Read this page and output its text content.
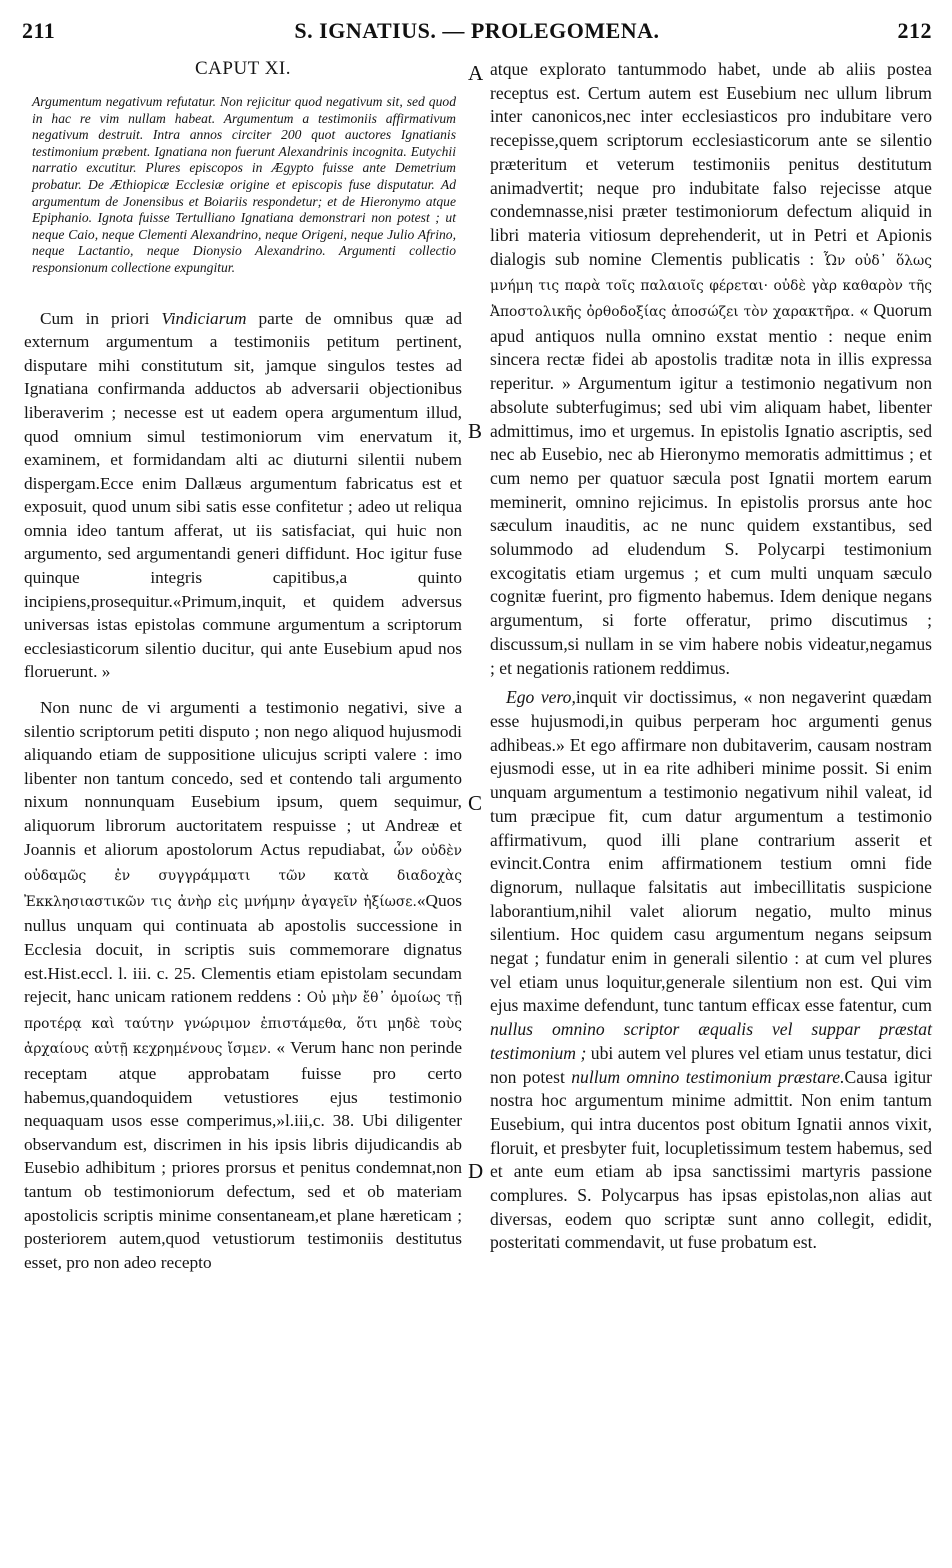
211	S. IGNATIUS. — PROLEGOMENA.	212
CAPUT XI.
Argumentum negativum refutatur. Non rejicitur quod negativum sit, sed quod in hac re vim nullam habeat. Argumentum a testimoniis affirmativum negativum destruit. Intra annos circiter 200 quot auctores Ignatianis testimonium præbent. Ignatiana non fuerunt Alexandrinis incognita. Eutychii narratio excutitur. Plures episcopos in Ægypto fuisse ante Demetrium probatur. De Æthiopicæ Ecclesiæ origine et episcopis fuse disputatur. Ad argumentum de Jonensibus et Boiariis respondetur; et de Hieronymo atque Epiphanio. Ignota fuisse Tertulliano Ignatiana demonstrari non potest ; ut neque Caio, neque Clementi Alexandrino, neque Origeni, neque Julio Afrino, neque Lactantio, neque Dionysio Alexandrino. Argumenti collectio responsionum collectione expungitur.

Cum in priori Vindiciarum parte de omnibus quæ ad externum argumentum a testimoniis petitum pertinent, disputare mihi constitutum sit, jamque singulos testes ad Ignatiana confirmanda adductos ab adversarii objectionibus liberaverim ; necesse est ut eadem opera argumentum illud, quod omnium simul testimoniorum vim enervatum it, examinem, et formidandam alti ac diuturni silentii nubem dispergam.Ecce enim Dallæus argumentum fabricatus est et exposuit, quod unum sibi satis esse confitetur ; adeo ut reliqua omnia ideo tantum afferat, ut iis satisfaciat, qui huic non argumento, sed argumentandi generi diffidunt. Hoc igitur fuse quinque integris capitibus,a quinto incipiens,prosequitur.«Primum,inquit, et quidem adversus universas istas epistolas commune argumentum a scriptorum ecclesiasticorum silentio ducitur, qui ante Eusebium apud nos floruerunt. »

Non nunc de vi argumenti a testimonio negativi, sive a silentio scriptorum petiti disputo ; non nego aliquod hujusmodi aliquando etiam de suppositione ulicujus scripti valere : imo libenter non tantum concedo, sed et contendo tali argumento nixum nonnunquam Eusebium ipsum, quem sequimur, aliquorum librorum auctoritatem respuisse ; ut Andreæ et Joannis et aliorum apostolorum Actus repudiabat, ὧν οὐδὲν οὐδαμῶς ἐν συγγράμματι τῶν κατὰ διαδοχὰς Ἐκκλησιαστικῶν τις ἀνὴρ εἰς μνήμην ἀγαγεῖν ἠξίωσε.«Quos nullus unquam qui continuata ab apostolis successione in Ecclesia docuit, in scriptis suis commemorare dignatus est.Hist.eccl. l. iii. c. 25. Clementis etiam epistolam secundam rejecit, hanc unicam rationem reddens : Οὐ μὴν ἔθ᾽ ὁμοίως τῇ προτέρᾳ καὶ ταύτην γνώριμον ἐπιστάμεθα, ὅτι μηδὲ τοὺς ἀρχαίους αὐτῇ κεχρημένους ἴσμεν. « Verum hanc non perinde receptam atque approbatam fuisse pro certo habemus,quandoquidem vetustiores ejus testimonio nequaquam usos esse comperimus,»l.iii,c. 38. Ubi diligenter observandum est, discrimen in his ipsis libris dijudicandis ab Eusebio adhibitum ; priores prorsus et penitus condemnat,non tantum ob testimoniorum defectum, sed et ob materiam apostolicis scriptis minime consentaneam,et plane hæreticam ; posteriorem autem,quod vetustiorum testimoniis destitutus esset, pro non adeo recepto

atque explorato tantummodo habet, unde ab aliis postea receptus est. Certum autem est Eusebium nec ullum librum inter canonicos,nec inter ecclesiasticos pro indubitare vero recepisse,quem scriptorum ecclesiasticorum ante se silentio præteritum et veterum testimoniis penitus destitutum animadvertit; neque pro indubitate falso rejecisse atque condemnasse,nisi præter testimoniorum defectum aliquid in libri materia vitiosum deprehenderit, ut in Petri et Apionis dialogis sub nomine Clementis publicatis : Ὧν οὐδ᾽ ὅλως μνήμη τις παρὰ τοῖς παλαιοῖς φέρεται· οὐδὲ γὰρ καθαρὸν τῆς Ἀποστολικῆς ὀρθοδοξίας ἀποσώζει τὸν χαρακτῆρα. « Quorum apud antiquos nulla omnino exstat mentio : neque enim sincera rectæ fidei ab apostolis traditæ nota in illis expressa reperitur. » Argumentum igitur a testimonio negativum non absolute subterfugimus; sed ubi vim aliquam habet, libenter admittimus, imo et urgemus. In epistolis Ignatio ascriptis, sed nec ab Eusebio, nec ab Hieronymo memoratis admittimus ; et cum nemo per quatuor sæcula post Ignatii mortem earum meminerit, omnino rejicimus. In epistolis prorsus ante hoc sæculum inauditis, ac ne nunc quidem exstantibus, sed solummodo ad eludendum S. Polycarpi testimonium excogitatis etiam urgemus ; et cum multi unquam sæculo cognitæ fuerint, pro figmento habemus. Idem denique negans argumentum, si forte offeratur, primo discutimus ; discussum,si nullam in se vim habere nobis videatur,negamus ; et negationis rationem reddimus.

Ego vero,inquit vir doctissimus, « non negaverint quædam esse hujusmodi,in quibus perperam hoc argumenti genus adhibeas.» Et ego affirmare non dubitaverim, causam nostram ejusmodi esse, ut in ea rite adhiberi minime possit. Si enim unquam argumentum a testimonio negativum nihil valeat, id tum præcipue fit, cum datur argumentum a testimonio affirmativum, quod illi plane contrarium asserit et evincit.Contra enim affirmationem testium omni fide dignorum, nullaque falsitatis aut imbecillitatis suspicione laborantium,nihil valet aliorum negatio, multo minus silentium. Hoc quidem casu argumentum negans seipsum negat ; fundatur enim in generali silentio : at cum vel plures vel etiam unus loquitur,generale silentium non est. Qui vim ejus maxime defendunt, tunc tantum efficax esse fatentur, cum nullus omnino scriptor æqualis vel suppar præstat testimonium ; ubi autem vel plures vel etiam unus testatur, dici non potest nullum omnino testimonium præstare.Causa igitur nostra hoc argumentum minime admittit. Non enim tantum Eusebium, qui intra ducentos post obitum Ignatii annos vixit, floruit, et presbyter fuit, locupletissimum testem habemus, sed et ante eum etiam ab ipsa sanctissimi martyris passione complures. S. Polycarpus has ipsas epistolas,non alias aut diversas, eodem quo scriptæ sunt anno collegit, edidit, posteritati commendavit, ut fuse probatum est.

A
B
C
D
